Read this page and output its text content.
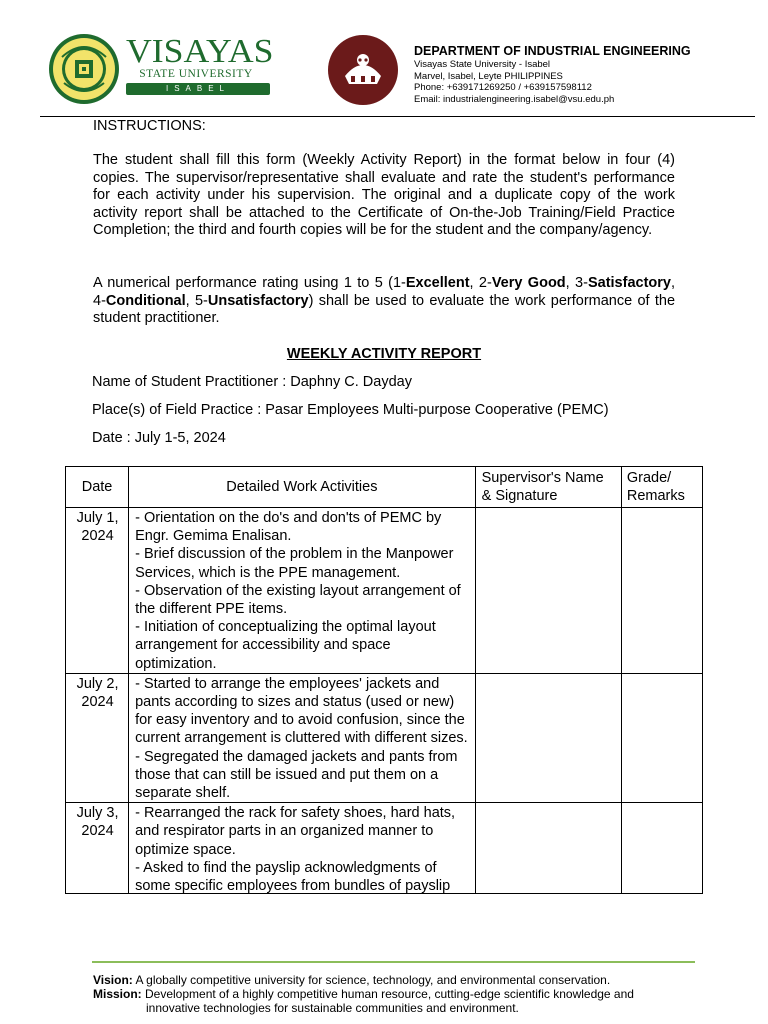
VISAYAS
STATE UNIVERSITY
ISABEL
DEPARTMENT OF INDUSTRIAL ENGINEERING
Visayas State University - Isabel
Marvel, Isabel, Leyte PHILIPPINES
Phone: +639171269250 / +639157598112
Email: industrialengineering.isabel@vsu.edu.ph
INSTRUCTIONS:
The student shall fill this form (Weekly Activity Report) in the format below in four (4) copies. The supervisor/representative shall evaluate and rate the student's performance for each activity under his supervision. The original and a duplicate copy of the work activity report shall be attached to the Certificate of On-the-Job Training/Field Practice Completion; the third and fourth copies will be for the student and the company/agency.
A numerical performance rating using 1 to 5 (1-Excellent, 2-Very Good, 3-Satisfactory, 4-Conditional, 5-Unsatisfactory) shall be used to evaluate the work performance of the student practitioner.
WEEKLY ACTIVITY REPORT
Name of Student Practitioner : Daphny C. Dayday
Place(s) of Field Practice : Pasar Employees Multi-purpose Cooperative (PEMC)
Date : July 1-5, 2024
Date	Detailed Work Activities	Supervisor's Name & Signature	Grade/ Remarks

July 1, 2024	- Orientation on the do's and don'ts of PEMC by Engr. Gemima Enalisan.
- Brief discussion of the problem in the Manpower Services, which is the PPE management.
- Observation of the existing layout arrangement of the different PPE items.
- Initiation of conceptualizing the optimal layout arrangement for accessibility and space optimization.		

July 2, 2024	- Started to arrange the employees' jackets and pants according to sizes and status (used or new) for easy inventory and to avoid confusion, since the current arrangement is cluttered with different sizes.
- Segregated the damaged jackets and pants from those that can still be issued and put them on a separate shelf.		

July 3, 2024	- Rearranged the rack for safety shoes, hard hats, and respirator parts in an organized manner to optimize space.
- Asked to find the payslip acknowledgments of some specific employees from bundles of payslip		

Vision: A globally competitive university for science, technology, and environmental conservation.
Mission: Development of a highly competitive human resource, cutting-edge scientific knowledge and
innovative technologies for sustainable communities and environment.
